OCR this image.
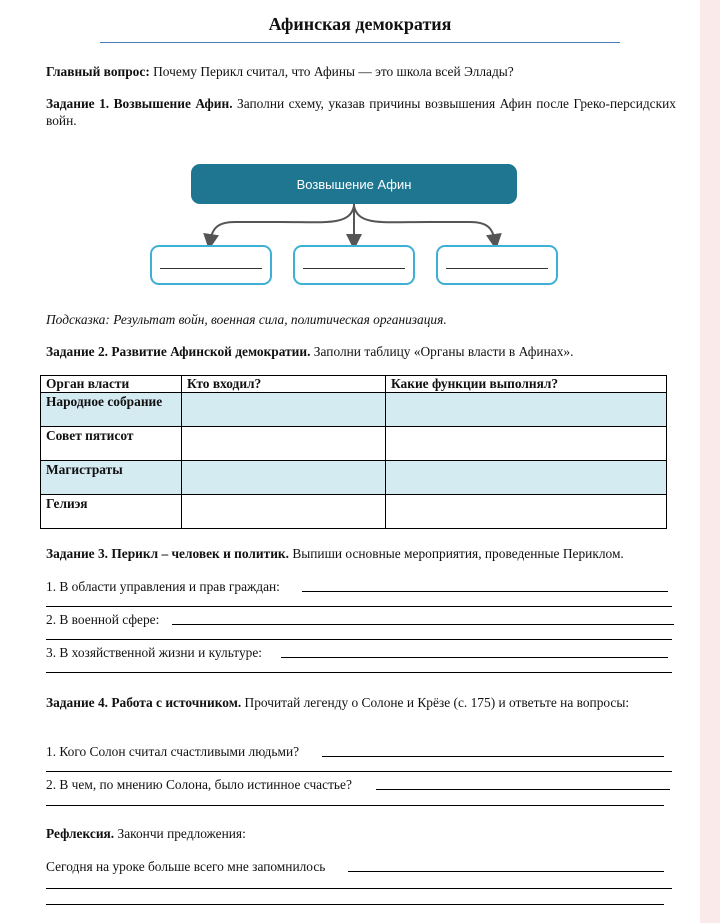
Афинская демократия
Главный вопрос: Почему Перикл считал, что Афины — это школа всей Эллады?
Задание 1. Возвышение Афин. Заполни схему, указав причины возвышения Афин после Греко-персидских войн.
Возвышение Афин
Подсказка: Результат войн, военная сила, политическая организация.
Задание 2. Развитие Афинской демократии. Заполни таблицу «Органы власти в Афинах».
Орган власти	Кто входил?	Какие функции выполнял?
Народное собрание		
Совет пятисот		
Магистраты		
Гелиэя		
Задание 3. Перикл – человек и политик. Выпиши основные мероприятия, проведенные Периклом.
1. В области управления и прав граждан:
2. В военной сфере:
3. В хозяйственной жизни и культуре:
Задание 4. Работа с источником. Прочитай легенду о Солоне и Крёзе (с. 175) и ответьте на вопросы:
1. Кого Солон считал счастливыми людьми?
2. В чем, по мнению Солона, было истинное счастье?
Рефлексия. Закончи предложения:
Сегодня на уроке больше всего мне запомнилось
